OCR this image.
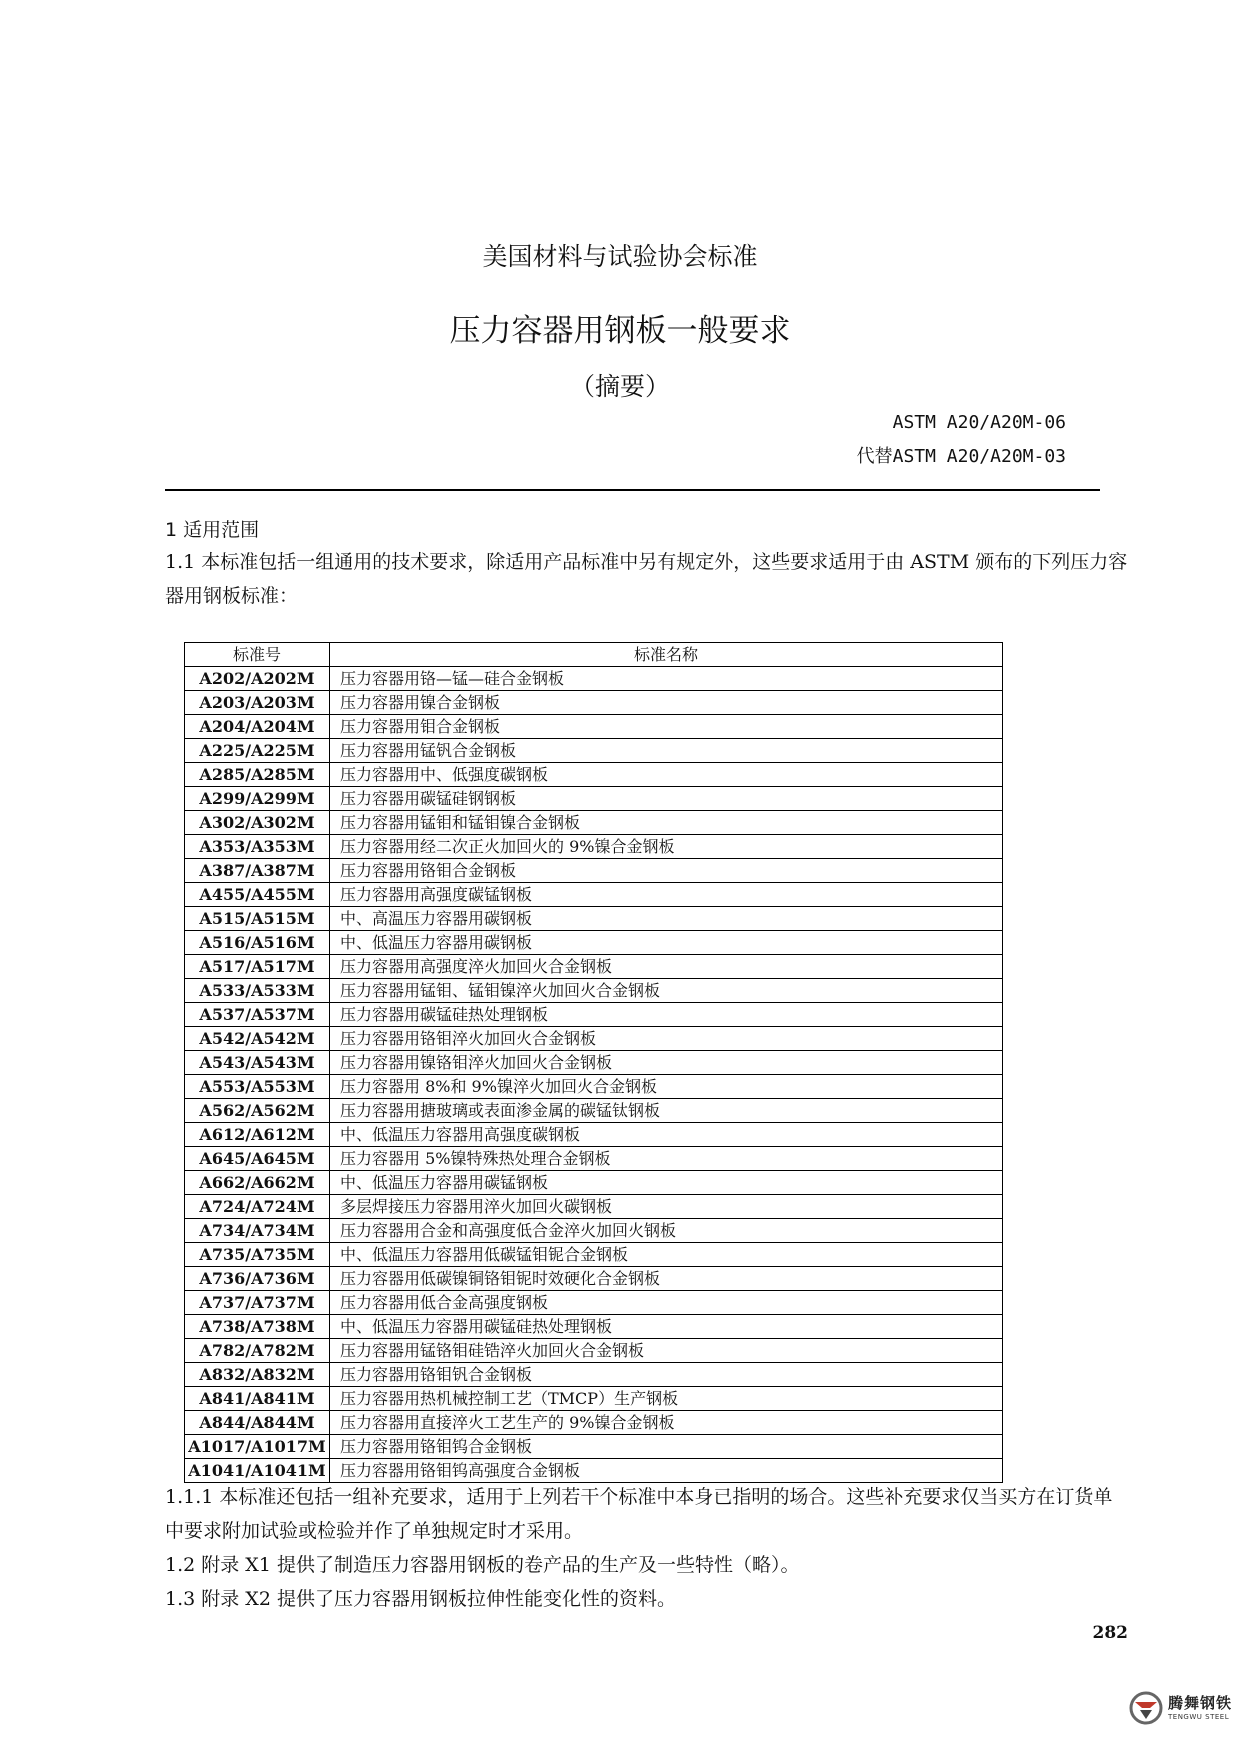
美国材料与试验协会标准
压力容器用钢板一般要求
（摘要）
ASTM A20/A20M-06
代替ASTM A20/A20M-03
1 适用范围
1.1 本标准包括一组通用的技术要求，除适用产品标准中另有规定外，这些要求适用于由 ASTM 颁布的下列压力容器用钢板标准：
标准号	标准名称
A202/A202M	压力容器用铬—锰—硅合金钢板
A203/A203M	压力容器用镍合金钢板
A204/A204M	压力容器用钼合金钢板
A225/A225M	压力容器用锰钒合金钢板
A285/A285M	压力容器用中、低强度碳钢板
A299/A299M	压力容器用碳锰硅钢钢板
A302/A302M	压力容器用锰钼和锰钼镍合金钢板
A353/A353M	压力容器用经二次正火加回火的 9%镍合金钢板
A387/A387M	压力容器用铬钼合金钢板
A455/A455M	压力容器用高强度碳锰钢板
A515/A515M	中、高温压力容器用碳钢板
A516/A516M	中、低温压力容器用碳钢板
A517/A517M	压力容器用高强度淬火加回火合金钢板
A533/A533M	压力容器用锰钼、锰钼镍淬火加回火合金钢板
A537/A537M	压力容器用碳锰硅热处理钢板
A542/A542M	压力容器用铬钼淬火加回火合金钢板
A543/A543M	压力容器用镍铬钼淬火加回火合金钢板
A553/A553M	压力容器用 8%和 9%镍淬火加回火合金钢板
A562/A562M	压力容器用搪玻璃或表面渗金属的碳锰钛钢板
A612/A612M	中、低温压力容器用高强度碳钢板
A645/A645M	压力容器用 5%镍特殊热处理合金钢板
A662/A662M	中、低温压力容器用碳锰钢板
A724/A724M	多层焊接压力容器用淬火加回火碳钢板
A734/A734M	压力容器用合金和高强度低合金淬火加回火钢板
A735/A735M	中、低温压力容器用低碳锰钼铌合金钢板
A736/A736M	压力容器用低碳镍铜铬钼铌时效硬化合金钢板
A737/A737M	压力容器用低合金高强度钢板
A738/A738M	中、低温压力容器用碳锰硅热处理钢板
A782/A782M	压力容器用锰铬钼硅锆淬火加回火合金钢板
A832/A832M	压力容器用铬钼钒合金钢板
A841/A841M	压力容器用热机械控制工艺（TMCP）生产钢板
A844/A844M	压力容器用直接淬火工艺生产的 9%镍合金钢板
A1017/A1017M	压力容器用铬钼钨合金钢板
A1041/A1041M	压力容器用铬钼钨高强度合金钢板
1.1.1 本标准还包括一组补充要求，适用于上列若干个标准中本身已指明的场合。这些补充要求仅当买方在订货单中要求附加试验或检验并作了单独规定时才采用。
1.2 附录 X1 提供了制造压力容器用钢板的卷产品的生产及一些特性（略）。
1.3 附录 X2 提供了压力容器用钢板拉伸性能变化性的资料。
282
腾舞钢铁
TENGWU STEEL
